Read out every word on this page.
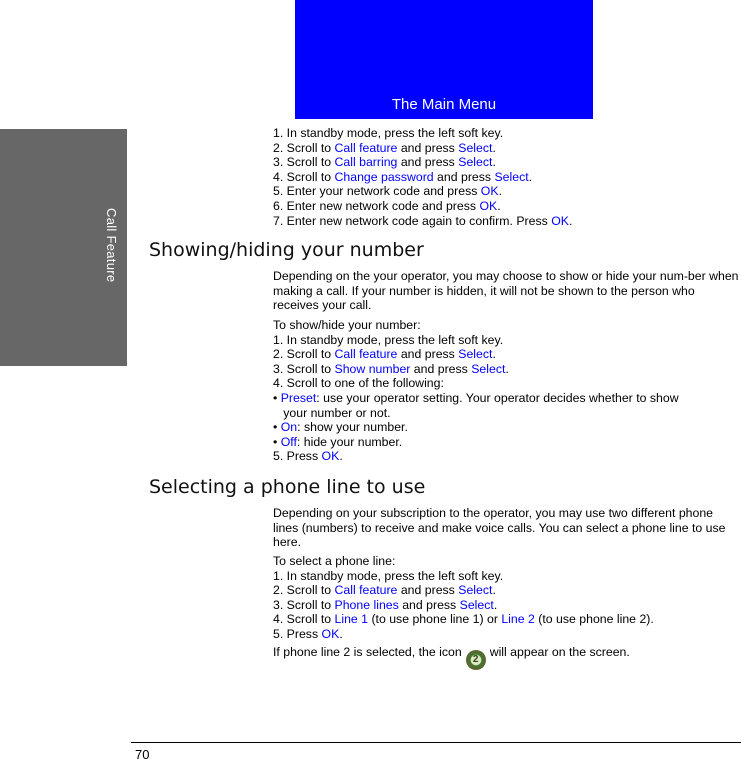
Call Feature
The Main Menu
1. In standby mode, press the left soft key.
2. Scroll to Call feature and press Select.
3. Scroll to Call barring and press Select.
4. Scroll to Change password and press Select.
5. Enter your network code and press OK.
6. Enter new network code and press OK.
7. Enter new network code again to confirm. Press OK.
Showing/hiding your number
Depending on the your operator, you may choose to show or hide your num-ber when making a call. If your number is hidden, it will not be shown to the person who receives your call.
To show/hide your number:
1. In standby mode, press the left soft key.
2. Scroll to Call feature and press Select.
3. Scroll to Show number and press Select.
4. Scroll to one of the following:
• Preset: use your operator setting. Your operator decides whether to show
your number or not.
• On: show your number.
• Off: hide your number.
5. Press OK.
Selecting a phone line to use
Depending on your subscription to the operator, you may use two different phone lines (numbers) to receive and make voice calls. You can select a phone line to use here.
To select a phone line:
1. In standby mode, press the left soft key.
2. Scroll to Call feature and press Select.
3. Scroll to Phone lines and press Select.
4. Scroll to Line 1 (to use phone line 1) or Line 2 (to use phone line 2).
5. Press OK.
If phone line 2 is selected, the icon2will appear on the screen.
70
